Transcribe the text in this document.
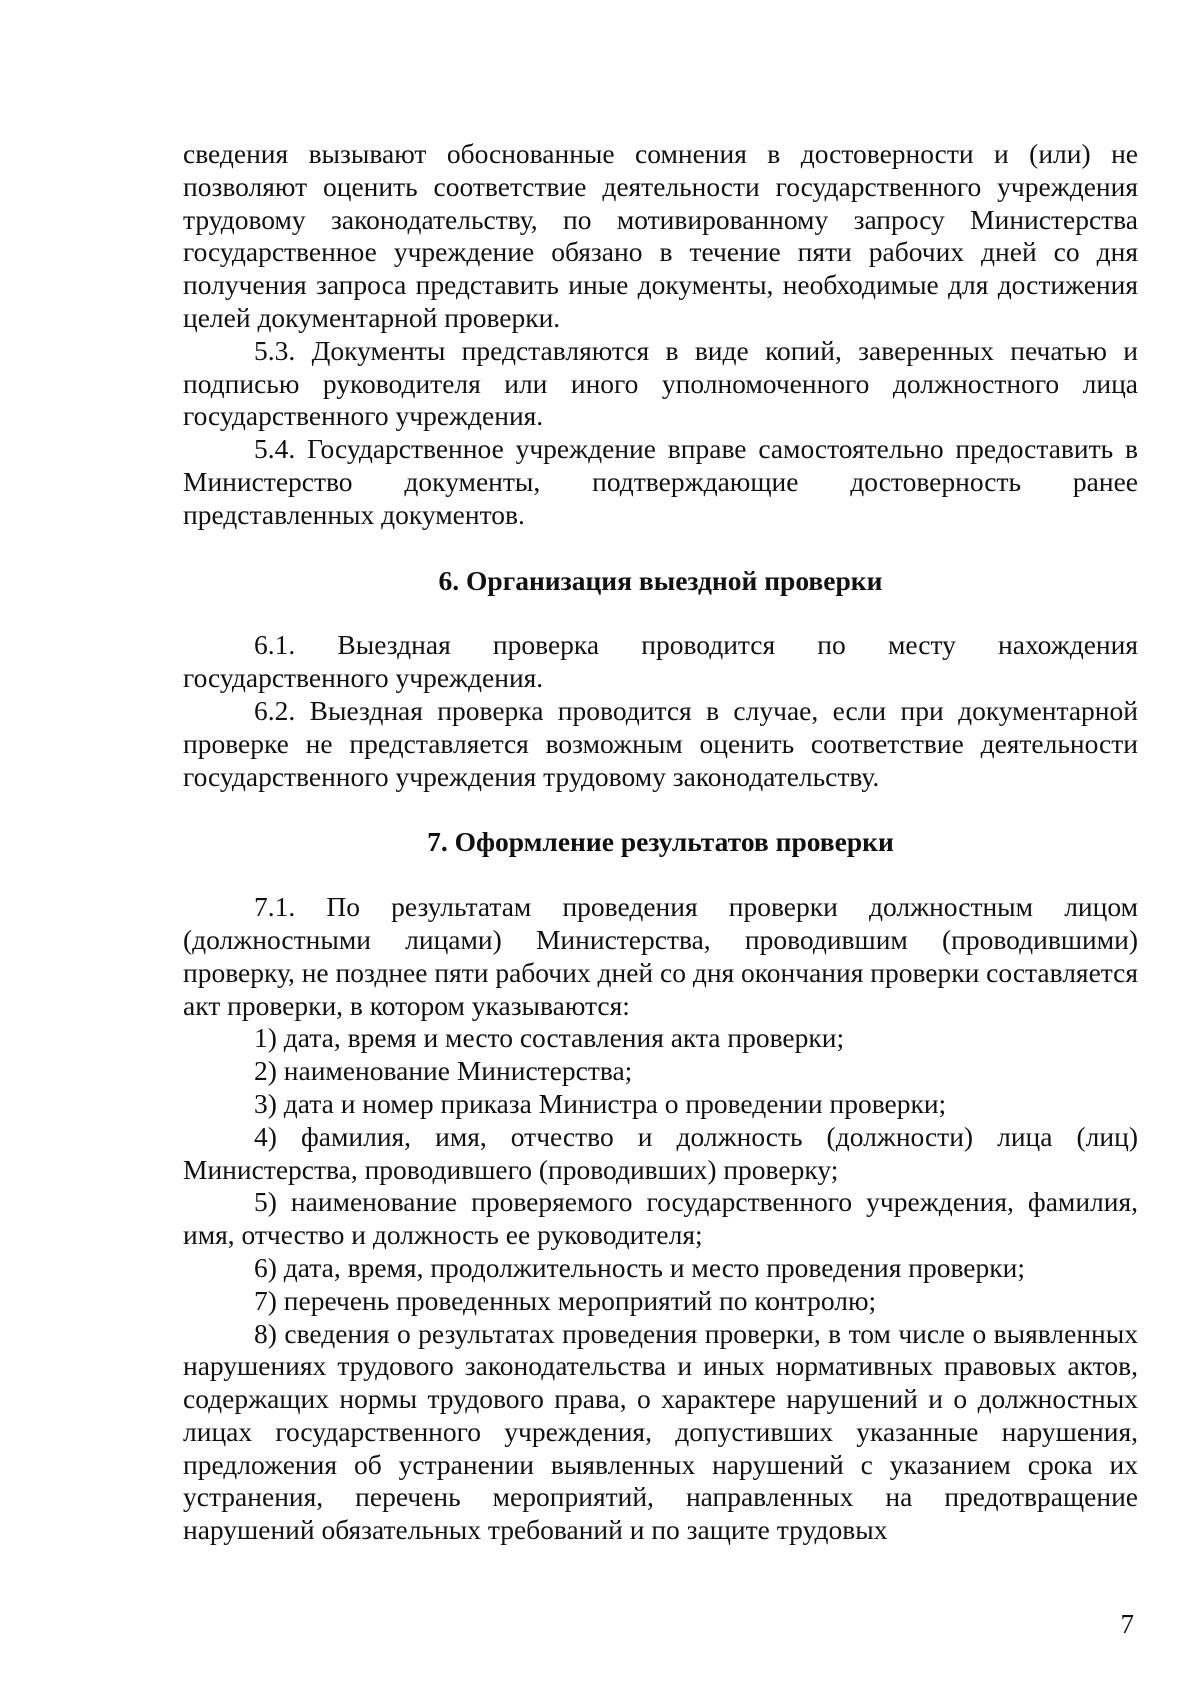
сведения вызывают обоснованные сомнения в достоверности и (или) не позволяют оценить соответствие деятельности государственного учреждения трудовому законодательству, по мотивированному запросу Министерства государственное учреждение обязано в течение пяти рабочих дней со дня получения запроса представить иные документы, необходимые для достижения целей документарной проверки.

5.3. Документы представляются в виде копий, заверенных печатью и подписью руководителя или иного уполномоченного должностного лица государственного учреждения.

5.4. Государственное учреждение вправе самостоятельно предоставить в Министерство документы, подтверждающие достоверность ранее представленных документов.

6. Организация выездной проверки

6.1. Выездная проверка проводится по месту нахождения государственного учреждения.

6.2. Выездная проверка проводится в случае, если при документарной проверке не представляется возможным оценить соответствие деятельности государственного учреждения трудовому законодательству.

7. Оформление результатов проверки

7.1. По результатам проведения проверки должностным лицом (должностными лицами) Министерства, проводившим (проводившими) проверку, не позднее пяти рабочих дней со дня окончания проверки составляется акт проверки, в котором указываются:

1) дата, время и место составления акта проверки;

2) наименование Министерства;

3) дата и номер приказа Министра о проведении проверки;

4) фамилия, имя, отчество и должность (должности) лица (лиц) Министерства, проводившего (проводивших) проверку;

5) наименование проверяемого государственного учреждения, фамилия, имя, отчество и должность ее руководителя;

6) дата, время, продолжительность и место проведения проверки;

7) перечень проведенных мероприятий по контролю;

8) сведения о результатах проведения проверки, в том числе о выявленных нарушениях трудового законодательства и иных нормативных правовых актов, содержащих нормы трудового права, о характере нарушений и о должностных лицах государственного учреждения, допустивших указанные нарушения, предложения об устранении выявленных нарушений с указанием срока их устранения, перечень мероприятий, направленных на предотвращение нарушений обязательных требований и по защите трудовых

7
